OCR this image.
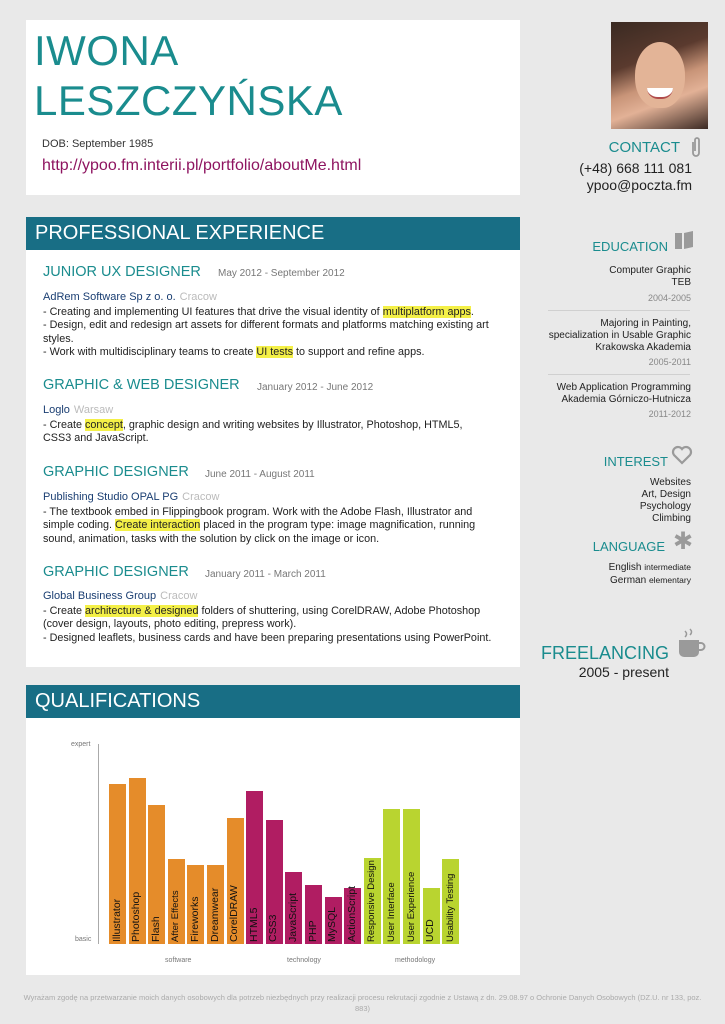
IWONA
LESZCZYŃSKA
DOB: September 1985
http://ypoo.fm.interii.pl/portfolio/aboutMe.html
CONTACT
(+48) 668 111 081
ypoo@poczta.fm
EDUCATION
Computer Graphic
TEB
2004-2005
Majoring in Painting,
specialization in Usable Graphic
Krakowska Akademia
2005-2011
Web Application Programming
Akademia Górniczo-Hutnicza
2011-2012
INTEREST
Websites
Art, Design
Psychology
Climbing
LANGUAGE ✱
English intermediate
German elementary
FREELANCING
2005 - present
PROFESSIONAL EXPERIENCE
JUNIOR UX DESIGNER May 2012 - September 2012
AdRem Software Sp z o. o. Cracow
- Creating and implementing UI features that drive the visual identity of multiplatform apps.
- Design, edit and redesign art assets for different formats and platforms matching existing art styles.
- Work with multidisciplinary teams to create UI tests to support and refine apps.
GRAPHIC & WEB DESIGNER January 2012 - June 2012
Loglo Warsaw
- Create concept, graphic design and writing websites by Illustrator, Photoshop, HTML5, CSS3 and JavaScript.
GRAPHIC DESIGNER June 2011 - August 2011
Publishing Studio OPAL PG Cracow
- The textbook embed in Flippingbook program. Work with the Adobe Flash, Illustrator and simple coding. Create interaction placed in the program type: image magnification, running sound, animation, tasks with the solution by click on the image or icon.
GRAPHIC DESIGNER January 2011 - March 2011
Global Business Group Cracow
- Create architecture & designed folders of shuttering, using CorelDRAW, Adobe Photoshop (cover design, layouts, photo editing, prepress work).
- Designed leaflets, business cards and have been preparing presentations using PowerPoint.
QUALIFICATIONS
expert
basic Illustrator Photoshop Flash After Effects Fireworks Dreamwear CorelDRAW HTML5 CSS3 JavaScript PHP MySQL ActionScript Responsive Design User Interface User Experience UCD Usability Testing
software	technology	methodology
Wyrażam zgodę na przetwarzanie moich danych osobowych dla potrzeb niezbędnych przy realizacji procesu rekrutacji zgodnie z Ustawą z dn. 29.08.97 o Ochronie Danych Osobowych (DZ.U. nr 133, poz. 883)
